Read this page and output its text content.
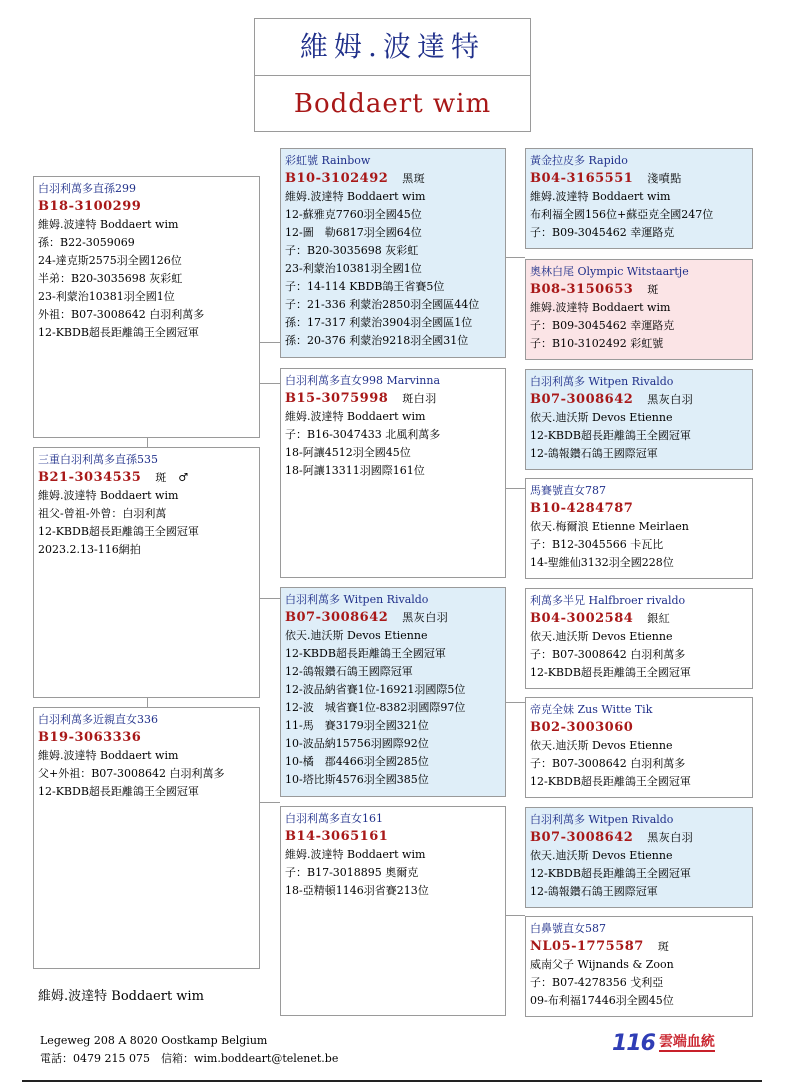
維姆.波達特
Boddaert wim
白羽利萬多直孫299
B18-3100299
維姆.波達特 Boddaert wim
孫：B22-3059069
24-達克斯2575羽全國126位
半弟：B20-3035698 灰彩虹
23-利蒙治10381羽全國1位
外祖：B07-3008642 白羽利萬多
12-KBDB超長距離鴿王全國冠軍
三重白羽利萬多直孫535
B21-3034535 斑　♂
維姆.波達特 Boddaert wim
祖父-曾祖-外曾：白羽利萬
12-KBDB超長距離鴿王全國冠軍
2023.2.13-116網拍
白羽利萬多近親直女336
B19-3063336
維姆.波達特 Boddaert wim
父+外祖：B07-3008642 白羽利萬多
12-KBDB超長距離鴿王全國冠軍
彩虹號 Rainbow
B10-3102492 黑斑
維姆.波達特 Boddaert wim
12-蘇雅克7760羽全國45位
12-圖　勒6817羽全國64位
子：B20-3035698 灰彩虹
23-利蒙治10381羽全國1位
子：14-114 KBDB鴿王省賽5位
子：21-336 利蒙治2850羽全國區44位
孫：17-317 利蒙治3904羽全國區1位
孫：20-376 利蒙治9218羽全國31位
白羽利萬多直女998 Marvinna
B15-3075998 斑白羽
維姆.波達特 Boddaert wim
子：B16-3047433 北風利萬多
18-阿讓4512羽全國45位
18-阿讓13311羽國際161位
白羽利萬多 Witpen Rivaldo
B07-3008642 黑灰白羽
依天.迪沃斯 Devos Etienne
12-KBDB超長距離鴿王全國冠軍
12-鴿報鑽石鴿王國際冠軍
12-波品納省賽1位-16921羽國際5位
12-波　城省賽1位-8382羽國際97位
11-馬　賽3179羽全國321位
10-波品納15756羽國際92位
10-橘　郡4466羽全國285位
10-塔比斯4576羽全國385位
白羽利萬多直女161
B14-3065161
維姆.波達特 Boddaert wim
子：B17-3018895 奧爾克
18-亞精頓1146羽省賽213位
黃金拉皮多 Rapido
B04-3165551 淺噴點
維姆.波達特 Boddaert wim
布利福全國156位+蘇亞克全國247位
子：B09-3045462 幸運路克
奧林白尾 Olympic Witstaartje
B08-3150653 斑
維姆.波達特 Boddaert wim
子：B09-3045462 幸運路克
子：B10-3102492 彩虹號
白羽利萬多 Witpen Rivaldo
B07-3008642 黑灰白羽
依天.迪沃斯 Devos Etienne
12-KBDB超長距離鴿王全國冠軍
12-鴿報鑽石鴿王國際冠軍
馬賽號直女787
B10-4284787
依天.梅爾浪 Etienne Meirlaen
子：B12-3045566 卡瓦比
14-聖維仙3132羽全國228位
利萬多半兄 Halfbroer rivaldo
B04-3002584 銀紅
依天.迪沃斯 Devos Etienne
子：B07-3008642 白羽利萬多
12-KBDB超長距離鴿王全國冠軍
帝克全妹 Zus Witte Tik
B02-3003060
依天.迪沃斯 Devos Etienne
子：B07-3008642 白羽利萬多
12-KBDB超長距離鴿王全國冠軍
白羽利萬多 Witpen Rivaldo
B07-3008642 黑灰白羽
依天.迪沃斯 Devos Etienne
12-KBDB超長距離鴿王全國冠軍
12-鴿報鑽石鴿王國際冠軍
白鼻號直女587
NL05-1775587 斑
威南父子 Wijnands & Zoon
子：B07-4278356 戈利亞
09-布利福17446羽全國45位
維姆.波達特 Boddaert wim
Legeweg 208 A 8020 Oostkamp Belgium
電話：0479 215 075　信箱：wim.boddeart@telenet.be
116 雲端血統
